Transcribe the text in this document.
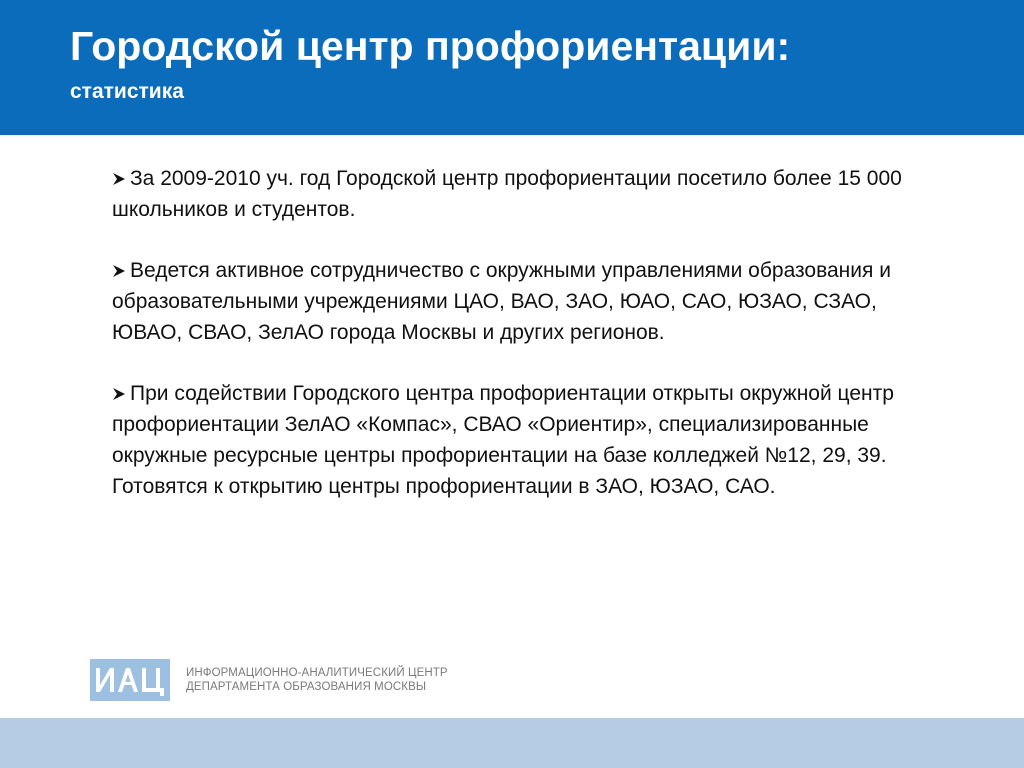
Городской центр профориентации:

статистика

За 2009-2010 уч. год Городской центр профориентации посетило более 15 000 школьников и студентов.

Ведется активное сотрудничество с окружными управлениями образования и образовательными учреждениями ЦАО, ВАО, ЗАО, ЮАО, САО, ЮЗАО, СЗАО, ЮВАО, СВАО, ЗелАО города Москвы и других регионов.

При содействии Городского центра профориентации открыты окружной центр профориентации ЗелАО «Компас», СВАО «Ориентир», специализированные окружные ресурсные центры профориентации на базе колледжей №12, 29, 39. Готовятся к открытию центры профориентации в ЗАО, ЮЗАО, САО.

ИНФОРМАЦИОННО-АНАЛИТИЧЕСКИЙ ЦЕНТР
ДЕПАРТАМЕНТА ОБРАЗОВАНИЯ МОСКВЫ
